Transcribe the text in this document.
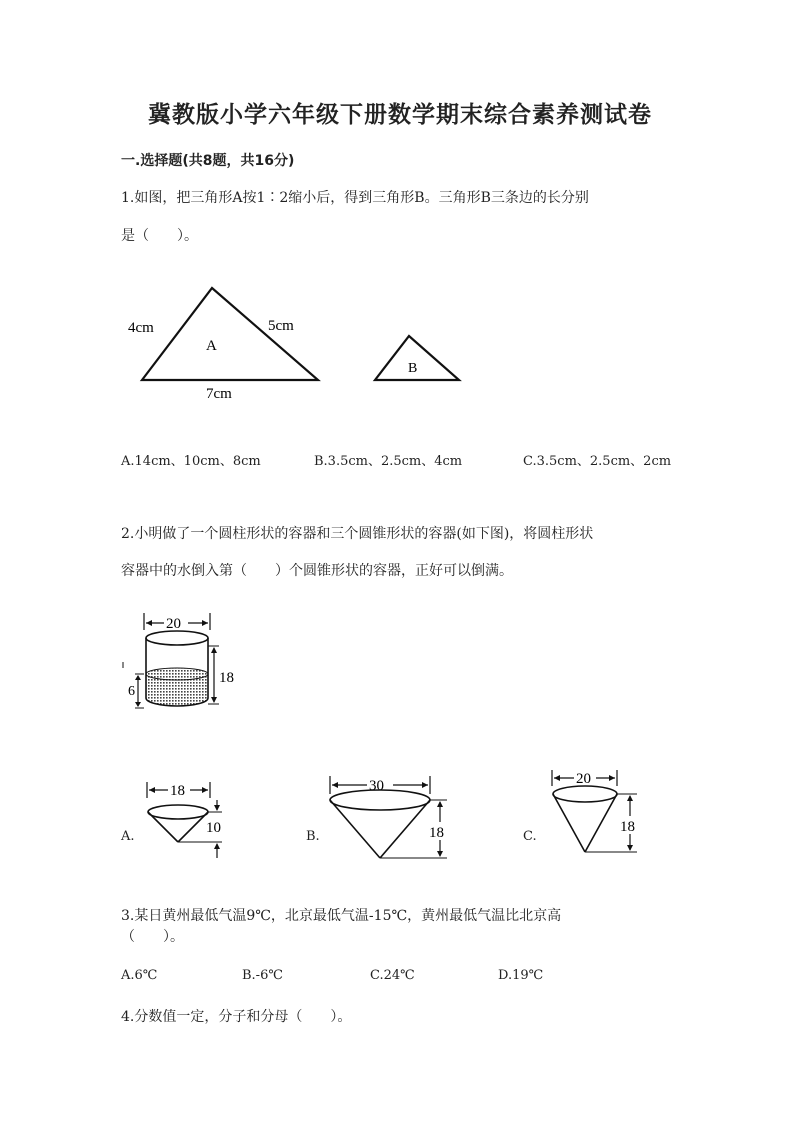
冀教版小学六年级下册数学期末综合素养测试卷
一.选择题(共8题，共16分)
1.如图，把三角形A按1∶2缩小后，得到三角形B。三角形B三条边的长分别
是（　　）。
4cm	5cm
7cm
A
B
A.14cm、10cm、8cm	B.3.5cm、2.5cm、4cm	C.3.5cm、2.5cm、2cm
2.小明做了一个圆柱形状的容器和三个圆锥形状的容器(如下图)，将圆柱形状
容器中的水倒入第（　　）个圆锥形状的容器，正好可以倒满。
20
18
6
A.
18
10
B.
30
18	C.
20
18
3.某日黄州最低气温9℃，北京最低气温-15℃，黄州最低气温比北京高
（　　）。
A.6℃	B.-6℃	C.24℃	D.19℃
4.分数值一定，分子和分母（　　）。
